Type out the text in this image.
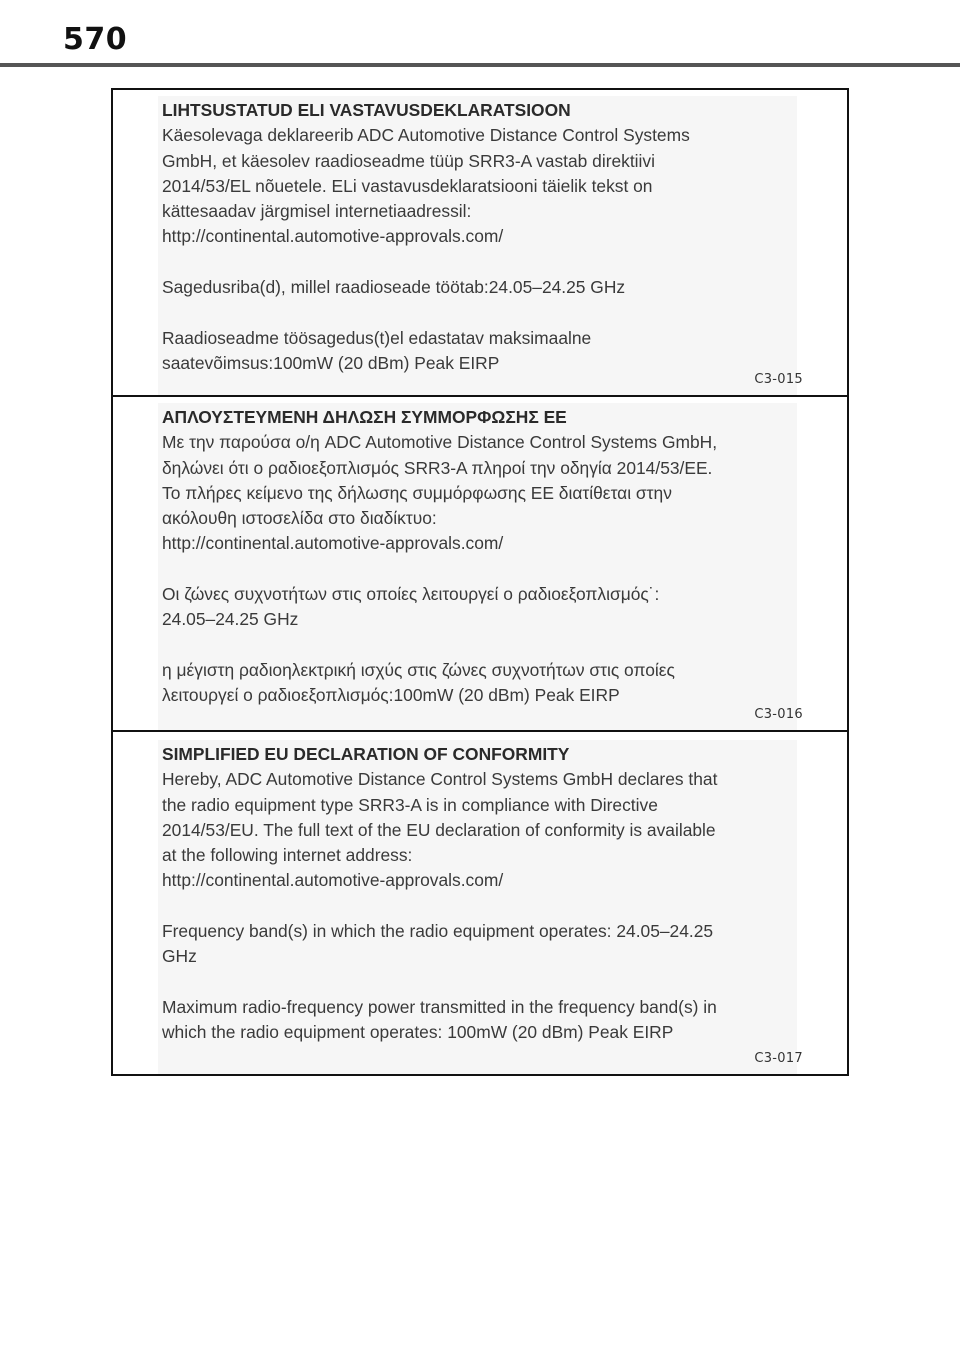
570
LIHTSUSTATUD ELI VASTAVUSDEKLARATSIOON

Käesolevaga deklareerib ADC Automotive Distance Control Systems
GmbH, et käesolev raadioseadme tüüp SRR3-A vastab direktiivi
2014/53/EL nõuetele. ELi vastavusdeklaratsiooni täielik tekst on
kättesaadav järgmisel internetiaadressil:
http://continental.automotive-approvals.com/

Sagedusriba(d), millel raadioseade töötab:24.05–24.25 GHz

Raadioseadme töösagedus(t)el edastatav maksimaalne
saatevõimsus:100mW (20 dBm) Peak EIRP

C3-015
ΑΠΛΟΥΣΤΕΥΜΕΝΗ ΔΗΛΩΣΗ ΣΥΜΜΟΡΦΩΣΗΣ ΕΕ

Με την παρούσα ο/η ADC Automotive Distance Control Systems GmbH,
δηλώνει ότι ο ραδιοεξοπλισμός SRR3-A πληροί την οδηγία 2014/53/ΕΕ.
Το πλήρες κείμενο της δήλωσης συμμόρφωσης ΕΕ διατίθεται στην
ακόλουθη ιστοσελίδα στο διαδίκτυο:
http://continental.automotive-approvals.com/

Οι ζώνες συχνοτήτων στις οποίες λειτουργεί ο ραδιοεξοπλισμός˙:
24.05–24.25 GHz

η μέγιστη ραδιοηλεκτρική ισχύς στις ζώνες συχνοτήτων στις οποίες
λειτουργεί ο ραδιοεξοπλισμός:100mW (20 dBm) Peak EIRP

C3-016
SIMPLIFIED EU DECLARATION OF CONFORMITY

Hereby, ADC Automotive Distance Control Systems GmbH declares that
the radio equipment type SRR3-A is in compliance with Directive
2014/53/EU. The full text of the EU declaration of conformity is available
at the following internet address:
http://continental.automotive-approvals.com/

Frequency band(s) in which the radio equipment operates: 24.05–24.25
GHz

Maximum radio-frequency power transmitted in the frequency band(s) in
which the radio equipment operates: 100mW (20 dBm) Peak EIRP

C3-017
